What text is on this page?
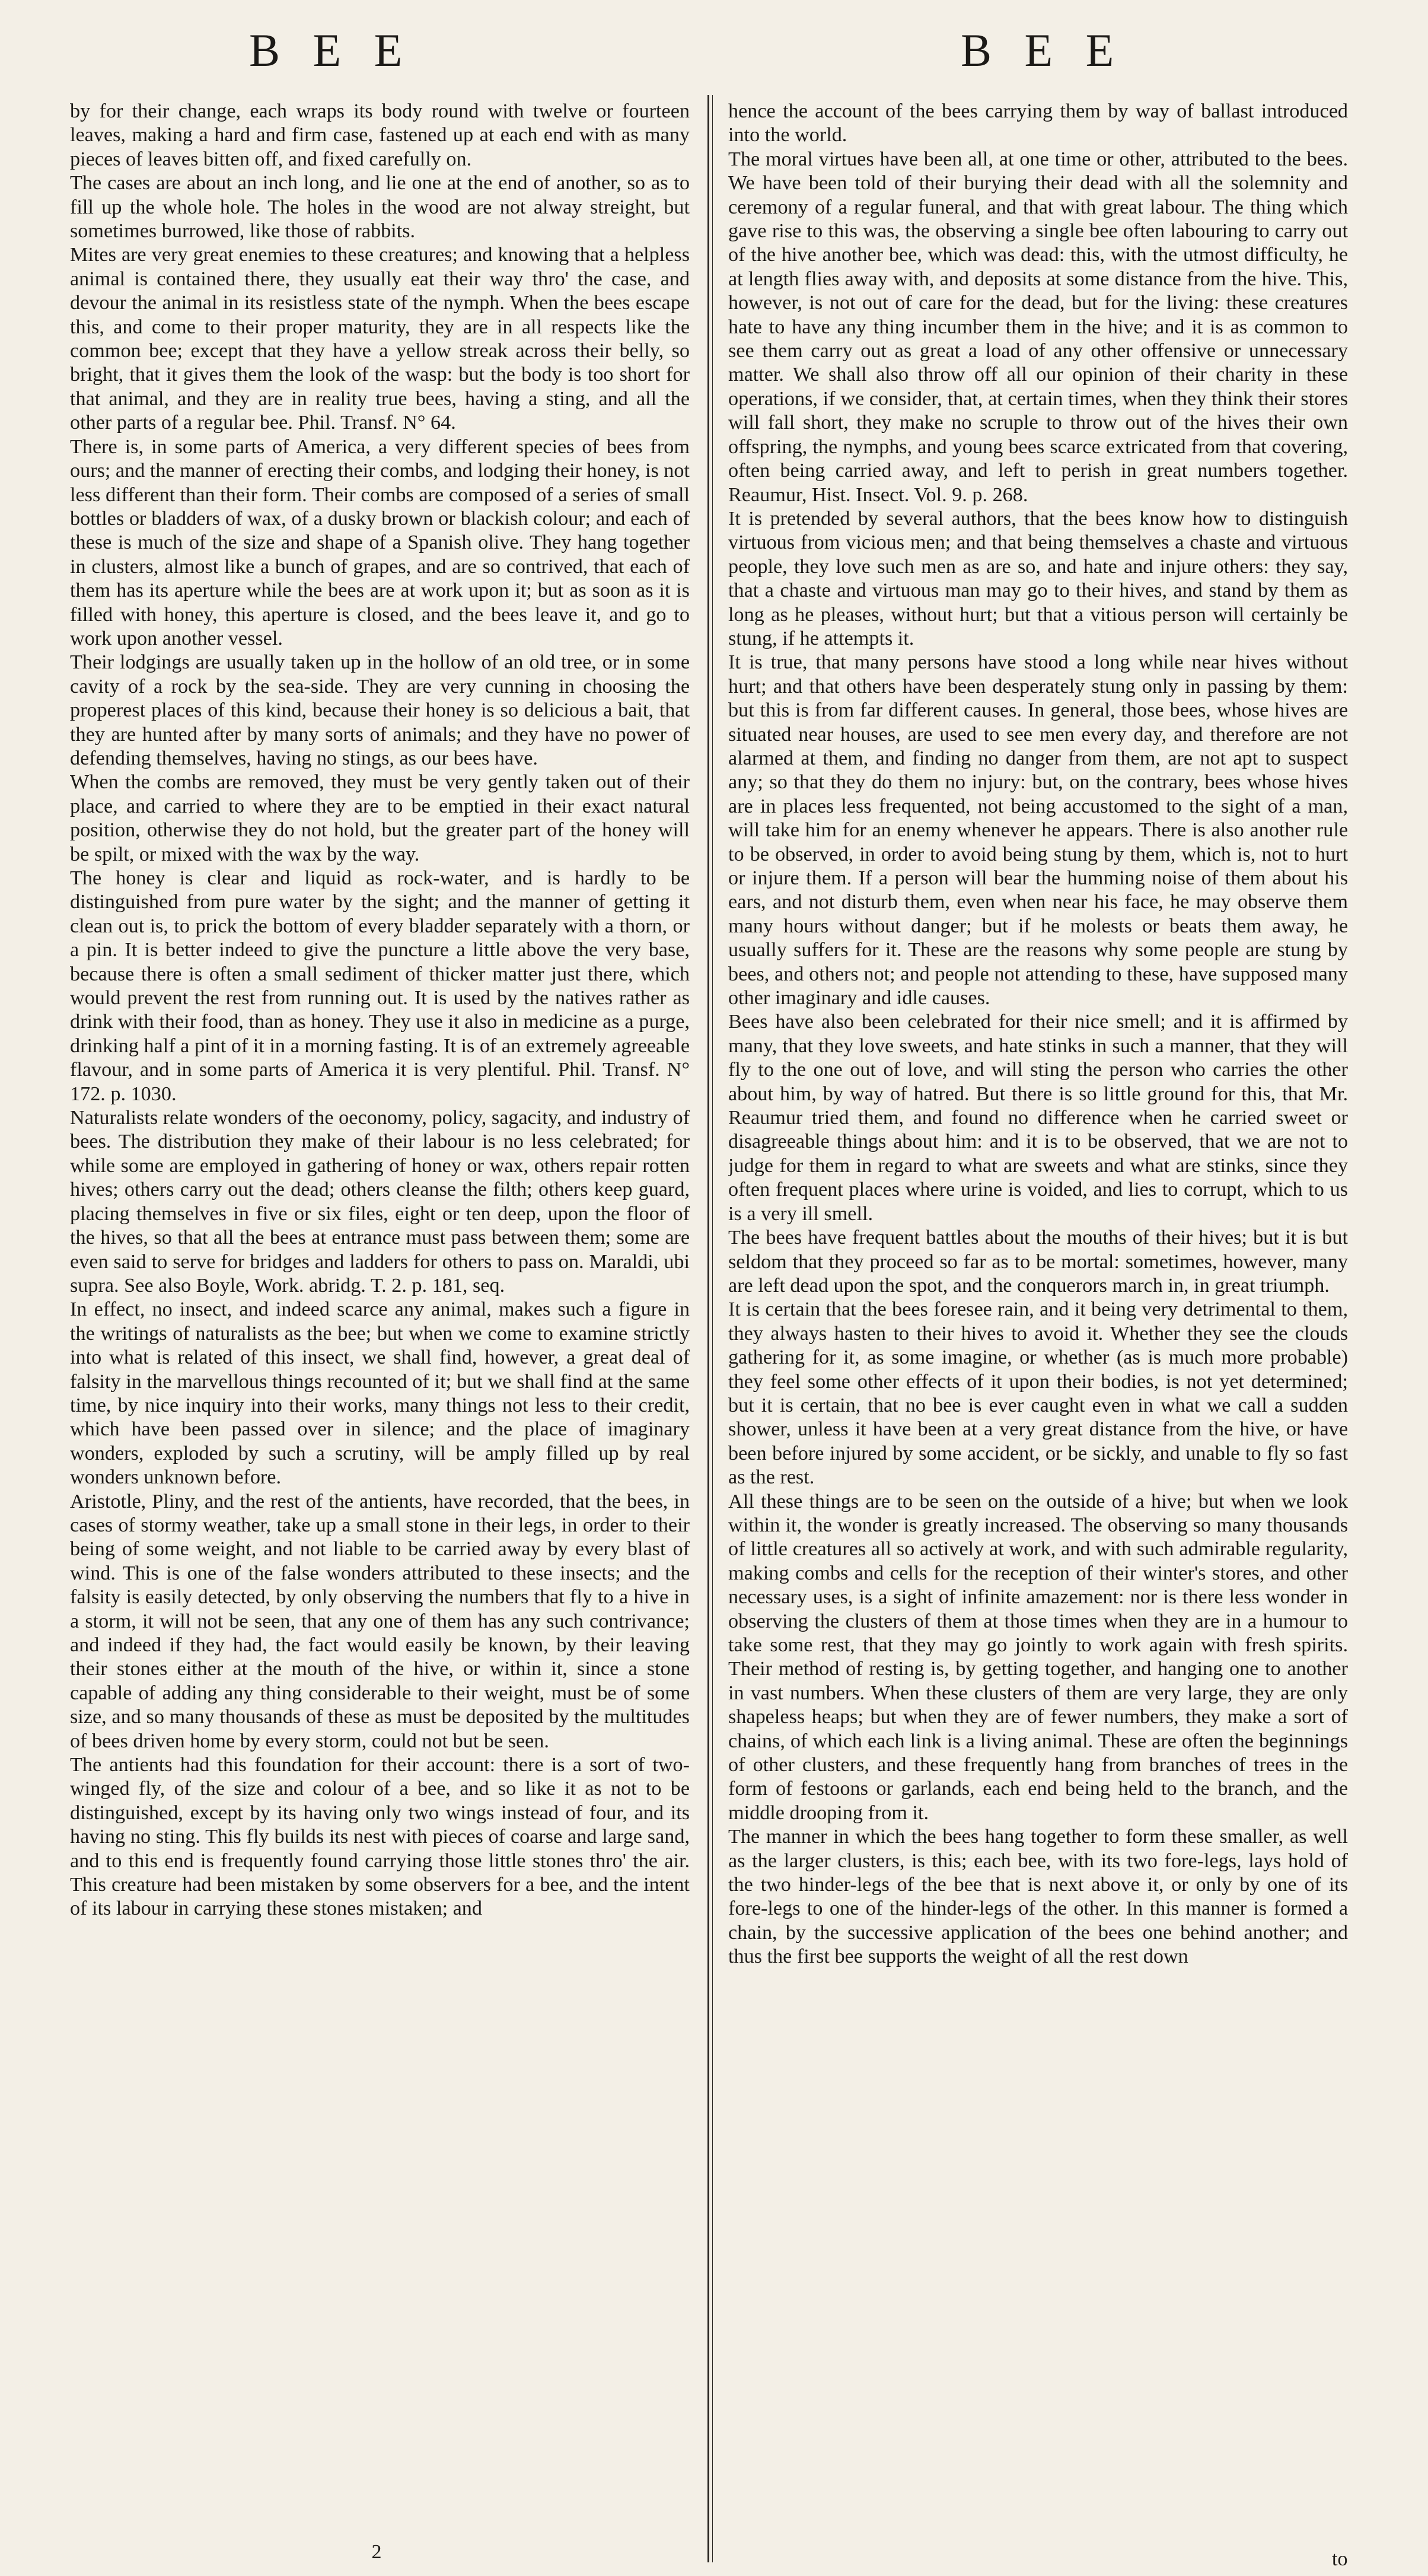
B E E	B E E

by for their change, each wraps its body round with twelve or fourteen leaves, making a hard and firm case, fastened up at each end with as many pieces of leaves bitten off, and fixed carefully on.

The cases are about an inch long, and lie one at the end of another, so as to fill up the whole hole. The holes in the wood are not alway streight, but sometimes burrowed, like those of rabbits.

Mites are very great enemies to these creatures; and knowing that a helpless animal is contained there, they usually eat their way thro' the case, and devour the animal in its resistless state of the nymph. When the bees escape this, and come to their proper maturity, they are in all respects like the common bee; except that they have a yellow streak across their belly, so bright, that it gives them the look of the wasp: but the body is too short for that animal, and they are in reality true bees, having a sting, and all the other parts of a regular bee. Phil. Transf. N° 64.

There is, in some parts of America, a very different species of bees from ours; and the manner of erecting their combs, and lodging their honey, is not less different than their form. Their combs are composed of a series of small bottles or bladders of wax, of a dusky brown or blackish colour; and each of these is much of the size and shape of a Spanish olive. They hang together in clusters, almost like a bunch of grapes, and are so contrived, that each of them has its aperture while the bees are at work upon it; but as soon as it is filled with honey, this aperture is closed, and the bees leave it, and go to work upon another vessel.

Their lodgings are usually taken up in the hollow of an old tree, or in some cavity of a rock by the sea-side. They are very cunning in choosing the properest places of this kind, because their honey is so delicious a bait, that they are hunted after by many sorts of animals; and they have no power of defending themselves, having no stings, as our bees have.

When the combs are removed, they must be very gently taken out of their place, and carried to where they are to be emptied in their exact natural position, otherwise they do not hold, but the greater part of the honey will be spilt, or mixed with the wax by the way.

The honey is clear and liquid as rock-water, and is hardly to be distinguished from pure water by the sight; and the manner of getting it clean out is, to prick the bottom of every bladder separately with a thorn, or a pin. It is better indeed to give the puncture a little above the very base, because there is often a small sediment of thicker matter just there, which would prevent the rest from running out. It is used by the natives rather as drink with their food, than as honey. They use it also in medicine as a purge, drinking half a pint of it in a morning fasting. It is of an extremely agreeable flavour, and in some parts of America it is very plentiful. Phil. Transf. N° 172. p. 1030.

Naturalists relate wonders of the oeconomy, policy, sagacity, and industry of bees. The distribution they make of their labour is no less celebrated; for while some are employed in gathering of honey or wax, others repair rotten hives; others carry out the dead; others cleanse the filth; others keep guard, placing themselves in five or six files, eight or ten deep, upon the floor of the hives, so that all the bees at entrance must pass between them; some are even said to serve for bridges and ladders for others to pass on. Maraldi, ubi supra. See also Boyle, Work. abridg. T. 2. p. 181, seq.

In effect, no insect, and indeed scarce any animal, makes such a figure in the writings of naturalists as the bee; but when we come to examine strictly into what is related of this insect, we shall find, however, a great deal of falsity in the marvellous things recounted of it; but we shall find at the same time, by nice inquiry into their works, many things not less to their credit, which have been passed over in silence; and the place of imaginary wonders, exploded by such a scrutiny, will be amply filled up by real wonders unknown before.

Aristotle, Pliny, and the rest of the antients, have recorded, that the bees, in cases of stormy weather, take up a small stone in their legs, in order to their being of some weight, and not liable to be carried away by every blast of wind. This is one of the false wonders attributed to these insects; and the falsity is easily detected, by only observing the numbers that fly to a hive in a storm, it will not be seen, that any one of them has any such contrivance; and indeed if they had, the fact would easily be known, by their leaving their stones either at the mouth of the hive, or within it, since a stone capable of adding any thing considerable to their weight, must be of some size, and so many thousands of these as must be deposited by the multitudes of bees driven home by every storm, could not but be seen.

The antients had this foundation for their account: there is a sort of two-winged fly, of the size and colour of a bee, and so like it as not to be distinguished, except by its having only two wings instead of four, and its having no sting. This fly builds its nest with pieces of coarse and large sand, and to this end is frequently found carrying those little stones thro' the air. This creature had been mistaken by some observers for a bee, and the intent of its labour in carrying these stones mistaken; and

hence the account of the bees carrying them by way of ballast introduced into the world.

The moral virtues have been all, at one time or other, attributed to the bees. We have been told of their burying their dead with all the solemnity and ceremony of a regular funeral, and that with great labour. The thing which gave rise to this was, the observing a single bee often labouring to carry out of the hive another bee, which was dead: this, with the utmost difficulty, he at length flies away with, and deposits at some distance from the hive. This, however, is not out of care for the dead, but for the living: these creatures hate to have any thing incumber them in the hive; and it is as common to see them carry out as great a load of any other offensive or unnecessary matter. We shall also throw off all our opinion of their charity in these operations, if we consider, that, at certain times, when they think their stores will fall short, they make no scruple to throw out of the hives their own offspring, the nymphs, and young bees scarce extricated from that covering, often being carried away, and left to perish in great numbers together. Reaumur, Hist. Insect. Vol. 9. p. 268.

It is pretended by several authors, that the bees know how to distinguish virtuous from vicious men; and that being themselves a chaste and virtuous people, they love such men as are so, and hate and injure others: they say, that a chaste and virtuous man may go to their hives, and stand by them as long as he pleases, without hurt; but that a vitious person will certainly be stung, if he attempts it.

It is true, that many persons have stood a long while near hives without hurt; and that others have been desperately stung only in passing by them: but this is from far different causes. In general, those bees, whose hives are situated near houses, are used to see men every day, and therefore are not alarmed at them, and finding no danger from them, are not apt to suspect any; so that they do them no injury: but, on the contrary, bees whose hives are in places less frequented, not being accustomed to the sight of a man, will take him for an enemy whenever he appears. There is also another rule to be observed, in order to avoid being stung by them, which is, not to hurt or injure them. If a person will bear the humming noise of them about his ears, and not disturb them, even when near his face, he may observe them many hours without danger; but if he molests or beats them away, he usually suffers for it. These are the reasons why some people are stung by bees, and others not; and people not attending to these, have supposed many other imaginary and idle causes.

Bees have also been celebrated for their nice smell; and it is affirmed by many, that they love sweets, and hate stinks in such a manner, that they will fly to the one out of love, and will sting the person who carries the other about him, by way of hatred. But there is so little ground for this, that Mr. Reaumur tried them, and found no difference when he carried sweet or disagreeable things about him: and it is to be observed, that we are not to judge for them in regard to what are sweets and what are stinks, since they often frequent places where urine is voided, and lies to corrupt, which to us is a very ill smell.

The bees have frequent battles about the mouths of their hives; but it is but seldom that they proceed so far as to be mortal: sometimes, however, many are left dead upon the spot, and the conquerors march in, in great triumph.

It is certain that the bees foresee rain, and it being very detrimental to them, they always hasten to their hives to avoid it. Whether they see the clouds gathering for it, as some imagine, or whether (as is much more probable) they feel some other effects of it upon their bodies, is not yet determined; but it is certain, that no bee is ever caught even in what we call a sudden shower, unless it have been at a very great distance from the hive, or have been before injured by some accident, or be sickly, and unable to fly so fast as the rest.

All these things are to be seen on the outside of a hive; but when we look within it, the wonder is greatly increased. The observing so many thousands of little creatures all so actively at work, and with such admirable regularity, making combs and cells for the reception of their winter's stores, and other necessary uses, is a sight of infinite amazement: nor is there less wonder in observing the clusters of them at those times when they are in a humour to take some rest, that they may go jointly to work again with fresh spirits. Their method of resting is, by getting together, and hanging one to another in vast numbers. When these clusters of them are very large, they are only shapeless heaps; but when they are of fewer numbers, they make a sort of chains, of which each link is a living animal. These are often the beginnings of other clusters, and these frequently hang from branches of trees in the form of festoons or garlands, each end being held to the branch, and the middle drooping from it.

The manner in which the bees hang together to form these smaller, as well as the larger clusters, is this; each bee, with its two fore-legs, lays hold of the two hinder-legs of the bee that is next above it, or only by one of its fore-legs to one of the hinder-legs of the other. In this manner is formed a chain, by the successive application of the bees one behind another; and thus the first bee supports the weight of all the rest down

2	to
